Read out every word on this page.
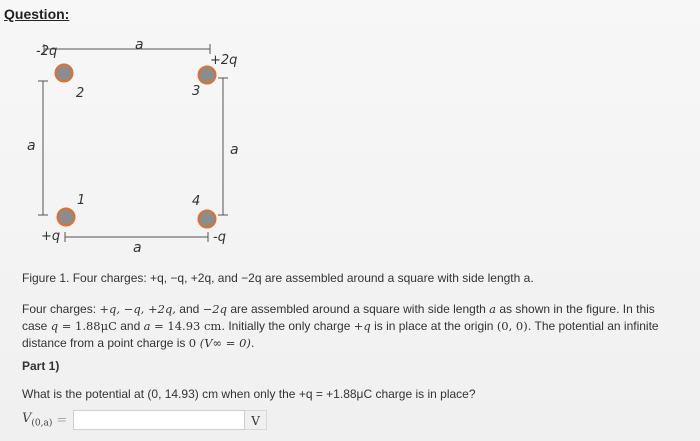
Question:
a
a	a
a
-2q
+2q
+q	-q
2	3
1	4
Figure 1. Four charges: +q, −q, +2q, and −2q are assembled around a square with side length a.
Four charges: +q, −q, +2q, and −2q are assembled around a square with side length a as shown in the figure. In this case q = 1.88μC and a = 14.93 cm. Initially the only charge +q is in place at the origin (0, 0). The potential an infinite distance from a point charge is 0 (V∞ = 0).
Part 1)
What is the potential at (0, 14.93) cm when only the +q = +1.88μC charge is in place?
$V_{(0,a)}$ =	V
